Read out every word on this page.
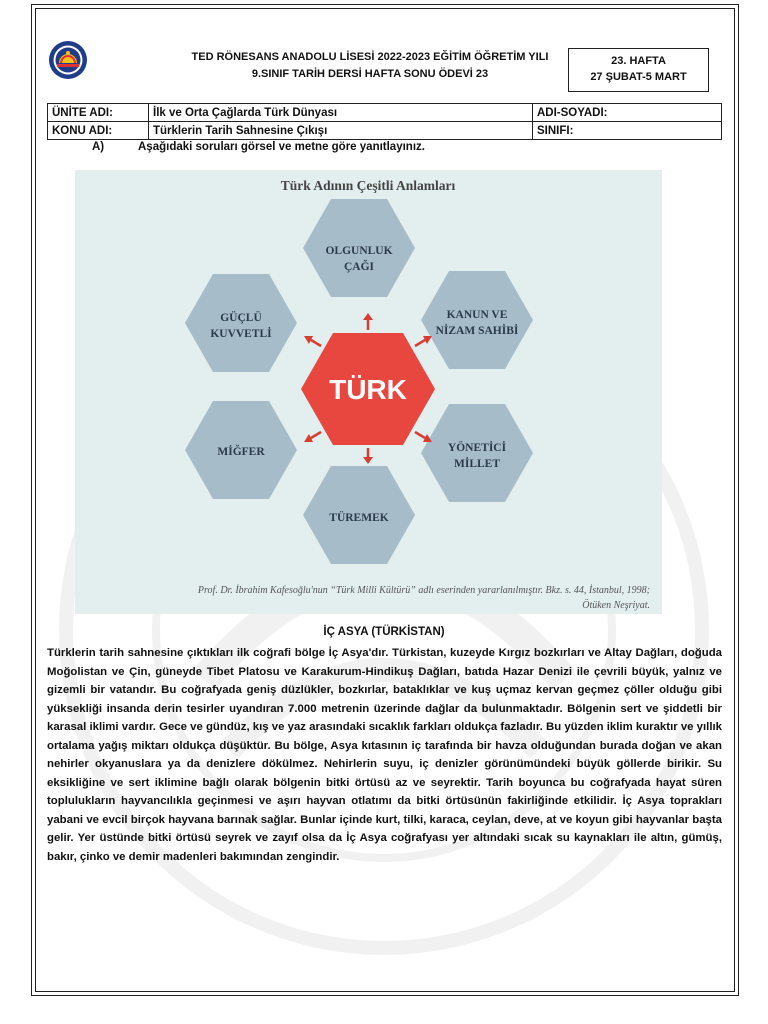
TED RÖNESANS ANADOLU LİSESİ 2022-2023 EĞİTİM ÖĞRETİM YILI
9.SINIF TARİH DERSİ HAFTA SONU ÖDEVİ 23
23. HAFTA
27 ŞUBAT-5 MART
ÜNİTE ADI:	İlk ve Orta Çağlarda Türk Dünyası	ADI-SOYADI:
KONU ADI:	Türklerin Tarih Sahnesine Çıkışı	SINIFI:
A)	Aşağıdaki soruları görsel ve metne göre yanıtlayınız.
Türk Adının Çeşitli Anlamları
OLGUNLUK
ÇAĞI
KANUN VE
NİZAM SAHİBİ
YÖNETİCİ
MİLLET
TÜREMEK
MİĞFER
GÜÇLÜ
KUVVETLİ
TÜRK
Prof. Dr. İbrahim Kafesoğlu'nun “Türk Milli Kültürü” adlı eserinden yararlanılmıştır. Bkz. s. 44, İstanbul, 1998;
Ötüken Neşriyat.
İÇ ASYA (TÜRKİSTAN)
Türklerin tarih sahnesine çıktıkları ilk coğrafi bölge İç Asya'dır. Türkistan, kuzeyde Kırgız bozkırları ve Altay Dağları, doğuda Moğolistan ve Çin, güneyde Tibet Platosu ve Karakurum-Hindikuş Dağları, batıda Hazar Denizi ile çevrili büyük, yalnız ve gizemli bir vatandır. Bu coğrafyada geniş düzlükler, bozkırlar, bataklıklar ve kuş uçmaz kervan geçmez çöller olduğu gibi yüksekliği insanda derin tesirler uyandıran 7.000 metrenin üzerinde dağlar da bulunmaktadır. Bölgenin sert ve şiddetli bir karasal iklimi vardır. Gece ve gündüz, kış ve yaz arasındaki sıcaklık farkları oldukça fazladır. Bu yüzden iklim kuraktır ve yıllık ortalama yağış miktarı oldukça düşüktür. Bu bölge, Asya kıtasının iç tarafında bir havza olduğundan burada doğan ve akan nehirler okyanuslara ya da denizlere dökülmez. Nehirlerin suyu, iç denizler görünümündeki büyük göllerde birikir. Su eksikliğine ve sert iklimine bağlı olarak bölgenin bitki örtüsü az ve seyrektir. Tarih boyunca bu coğrafyada hayat süren toplulukların hayvancılıkla geçinmesi ve aşırı hayvan otlatımı da bitki örtüsünün fakirliğinde etkilidir. İç Asya toprakları yabani ve evcil birçok hayvana barınak sağlar. Bunlar içinde kurt, tilki, karaca, ceylan, deve, at ve koyun gibi hayvanlar başta gelir. Yer üstünde bitki örtüsü seyrek ve zayıf olsa da İç Asya coğrafyası yer altındaki sıcak su kaynakları ile altın, gümüş, bakır, çinko ve demir madenleri bakımından zengindir.
